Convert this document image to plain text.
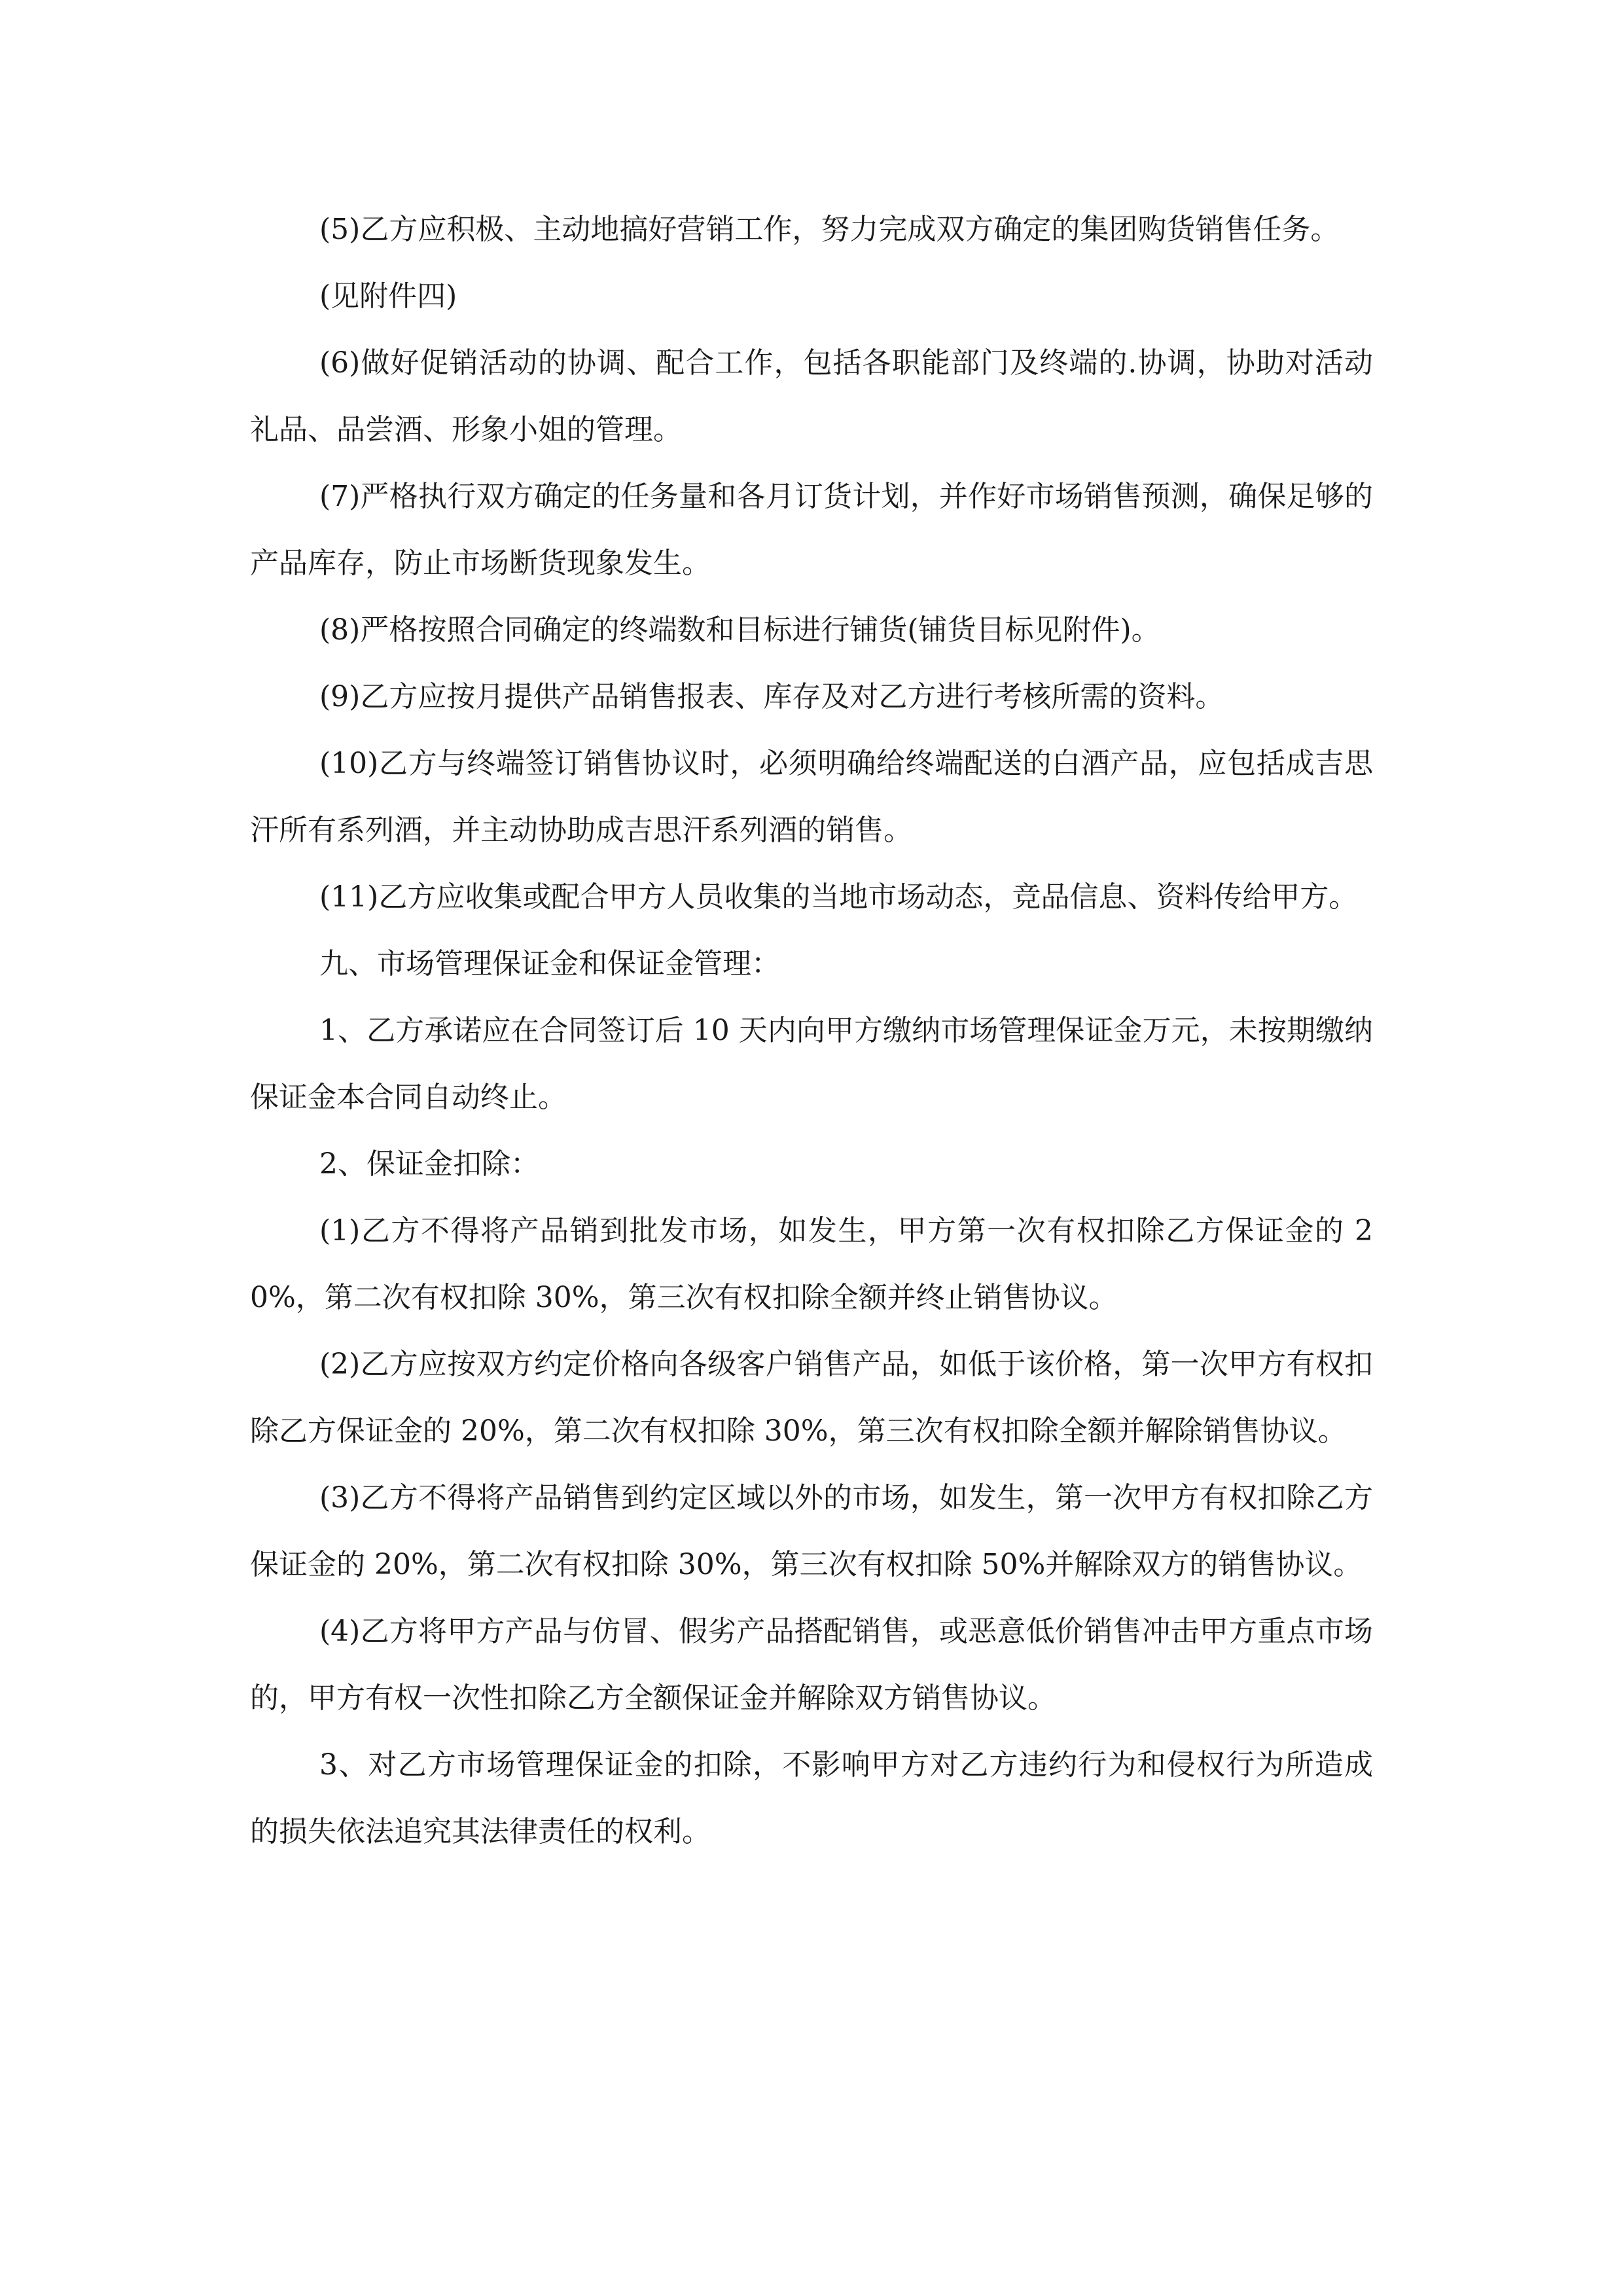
(5)乙方应积极、主动地搞好营销工作，努力完成双方确定的集团购货销售任务。

(见附件四)

(6)做好促销活动的协调、配合工作，包括各职能部门及终端的.协调，协助对活动礼品、品尝酒、形象小姐的管理。

(7)严格执行双方确定的任务量和各月订货计划，并作好市场销售预测，确保足够的产品库存，防止市场断货现象发生。

(8)严格按照合同确定的终端数和目标进行铺货(铺货目标见附件)。

(9)乙方应按月提供产品销售报表、库存及对乙方进行考核所需的资料。

(10)乙方与终端签订销售协议时，必须明确给终端配送的白酒产品，应包括成吉思汗所有系列酒，并主动协助成吉思汗系列酒的销售。

(11)乙方应收集或配合甲方人员收集的当地市场动态，竞品信息、资料传给甲方。

九、市场管理保证金和保证金管理：

1、乙方承诺应在合同签订后 10 天内向甲方缴纳市场管理保证金万元，未按期缴纳保证金本合同自动终止。

2、保证金扣除：

(1)乙方不得将产品销到批发市场，如发生，甲方第一次有权扣除乙方保证金的 20%，第二次有权扣除 30%，第三次有权扣除全额并终止销售协议。

(2)乙方应按双方约定价格向各级客户销售产品，如低于该价格，第一次甲方有权扣除乙方保证金的 20%，第二次有权扣除 30%，第三次有权扣除全额并解除销售协议。

(3)乙方不得将产品销售到约定区域以外的市场，如发生，第一次甲方有权扣除乙方保证金的 20%，第二次有权扣除 30%，第三次有权扣除 50%并解除双方的销售协议。

(4)乙方将甲方产品与仿冒、假劣产品搭配销售，或恶意低价销售冲击甲方重点市场的，甲方有权一次性扣除乙方全额保证金并解除双方销售协议。

3、对乙方市场管理保证金的扣除，不影响甲方对乙方违约行为和侵权行为所造成的损失依法追究其法律责任的权利。
